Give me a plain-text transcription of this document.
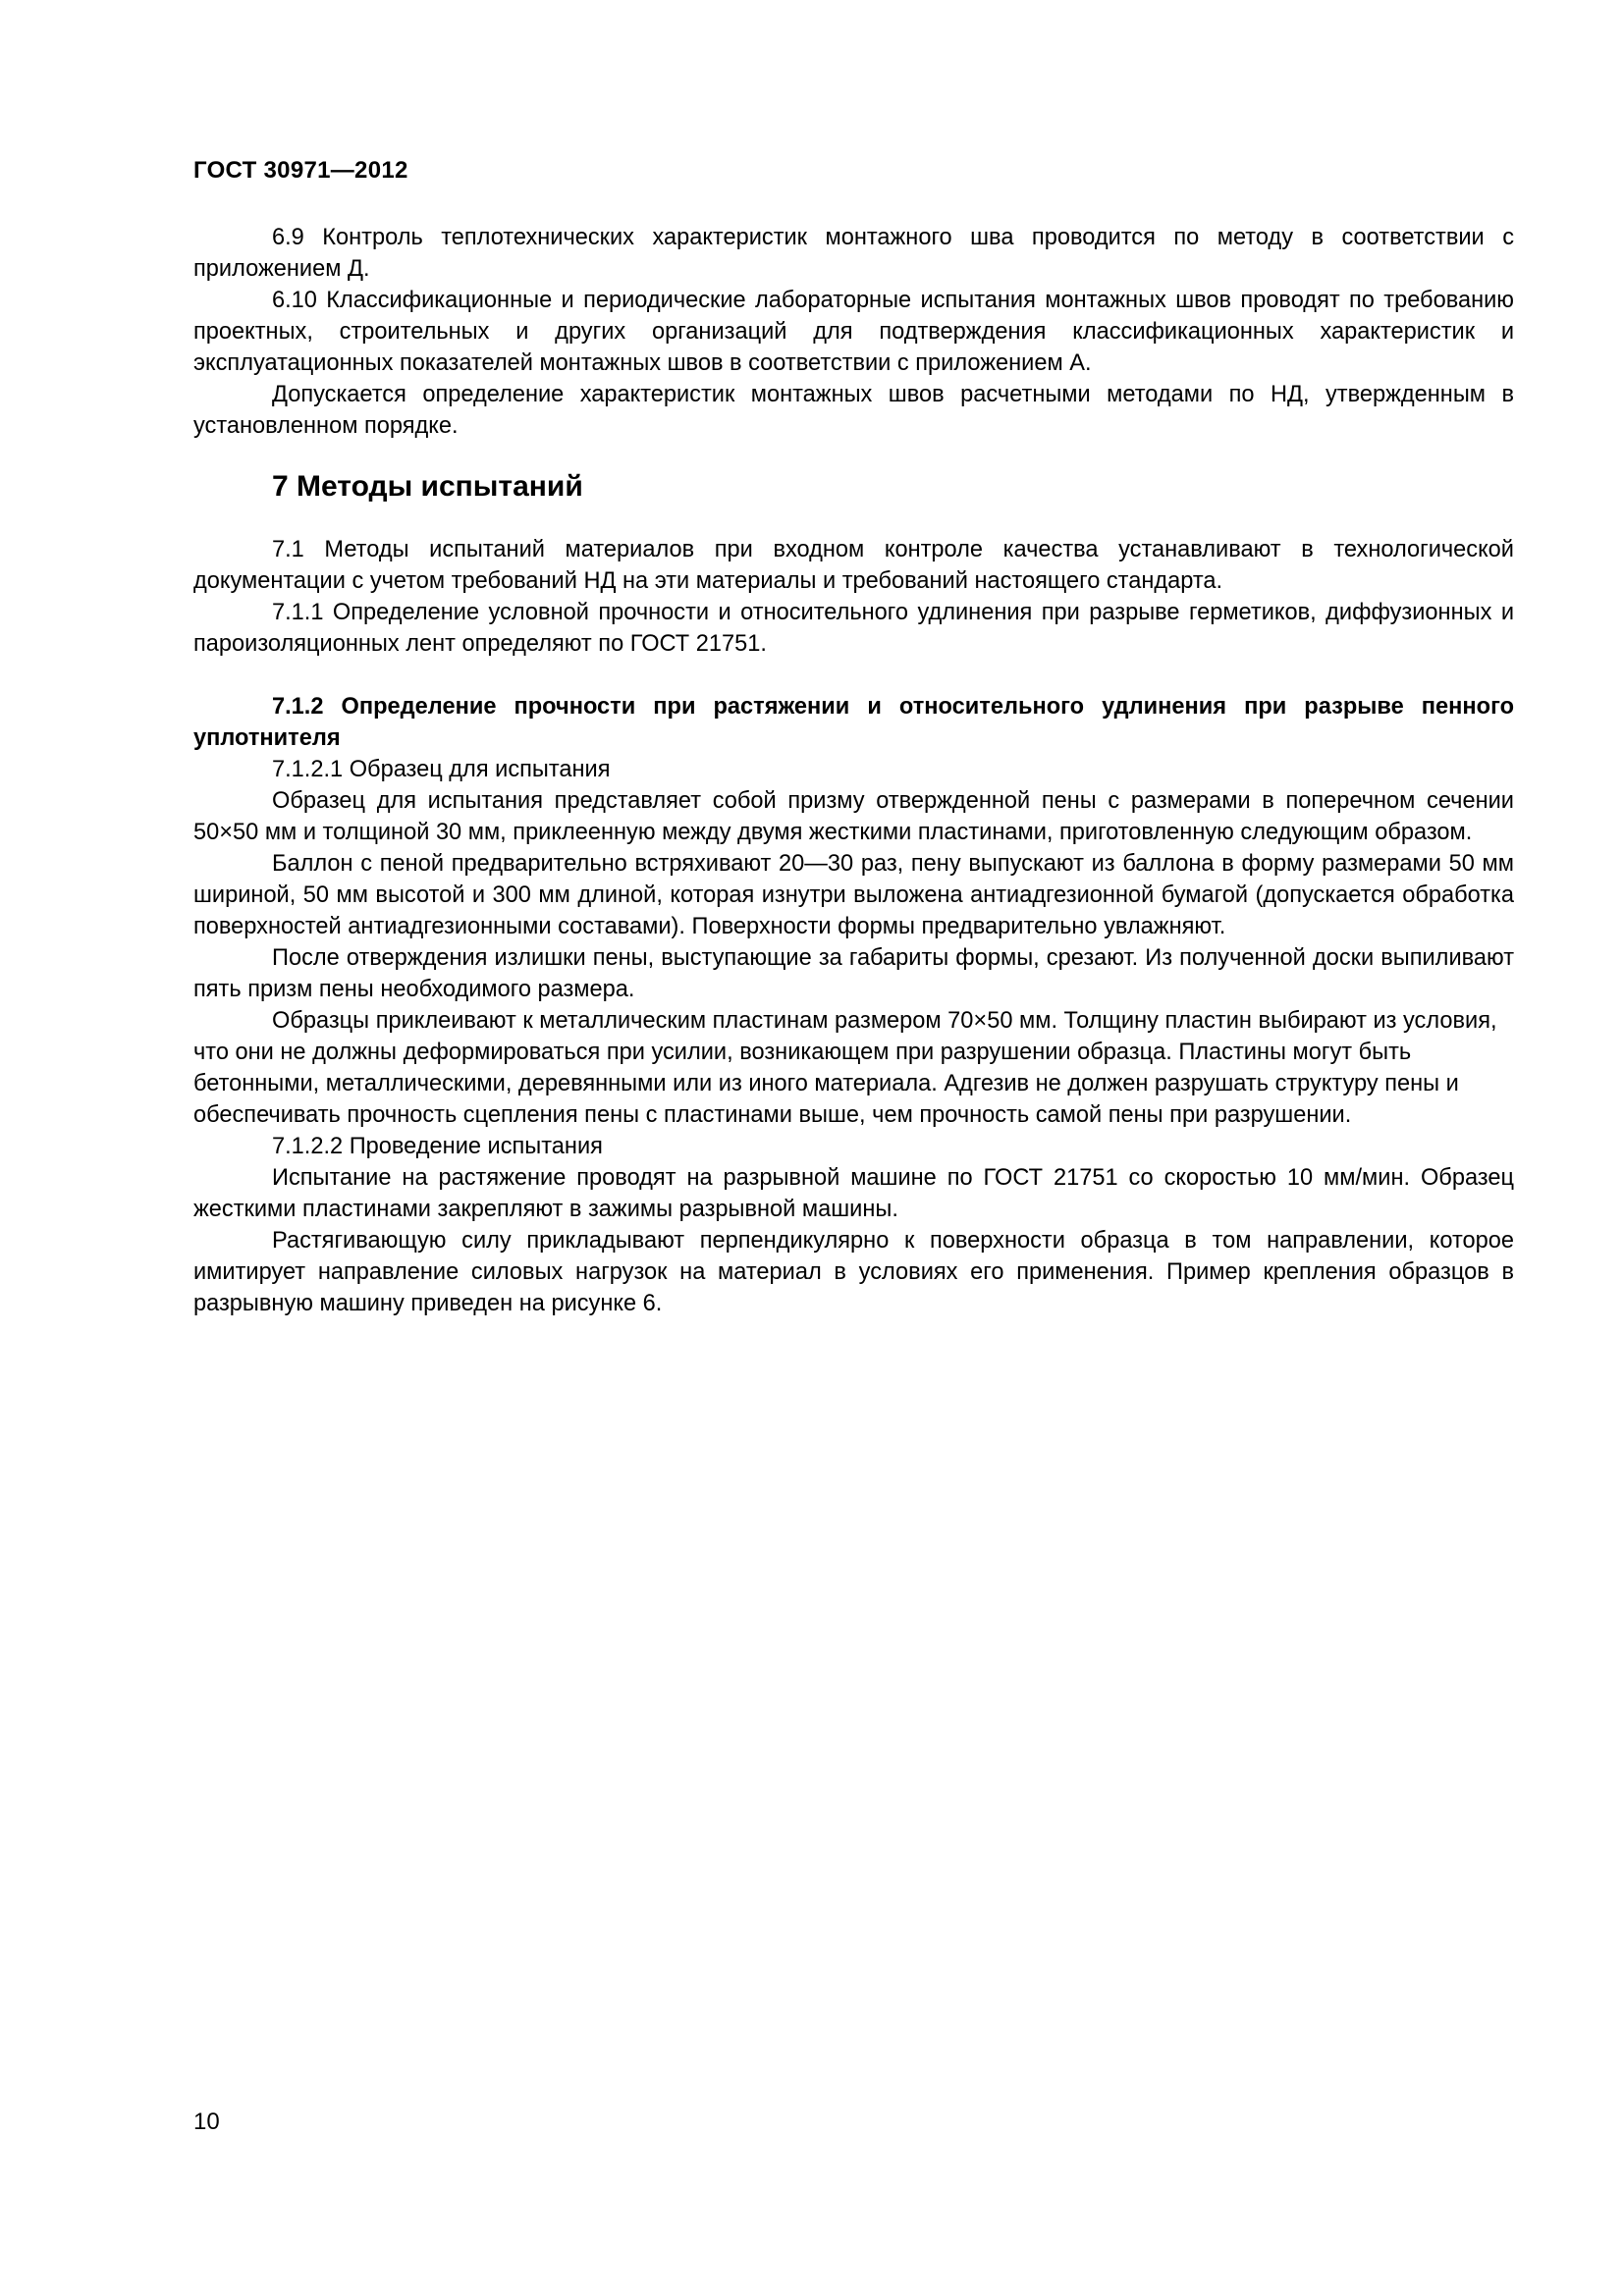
ГОСТ 30971—2012

6.9 Контроль теплотехнических характеристик монтажного шва проводится по методу в соответствии с приложением Д.

6.10 Классификационные и периодические лабораторные испытания монтажных швов проводят по требованию проектных, строительных и других организаций для подтверждения классификационных характеристик и эксплуатационных показателей монтажных швов в соответствии с приложением А.

Допускается определение характеристик монтажных швов расчетными методами по НД, утвержденным в установленном порядке.

7 Методы испытаний

7.1 Методы испытаний материалов при входном контроле качества устанавливают в технологической документации с учетом требований НД на эти материалы и требований настоящего стандарта.

7.1.1 Определение условной прочности и относительного удлинения при разрыве герметиков, диффузионных и пароизоляционных лент определяют по ГОСТ 21751.

7.1.2 Определение прочности при растяжении и относительного удлинения при разрыве пенного уплотнителя

7.1.2.1 Образец для испытания

Образец для испытания представляет собой призму отвержденной пены с размерами в поперечном сечении 50×50 мм и толщиной 30 мм, приклеенную между двумя жесткими пластинами, приготовленную следующим образом.

Баллон с пеной предварительно встряхивают 20—30 раз, пену выпускают из баллона в форму размерами 50 мм шириной, 50 мм высотой и 300 мм длиной, которая изнутри выложена антиадгезионной бумагой (допускается обработка поверхностей антиадгезионными составами). Поверхности формы предварительно увлажняют.

После отверждения излишки пены, выступающие за габариты формы, срезают. Из полученной доски выпиливают пять призм пены необходимого размера.

Образцы приклеивают к металлическим пластинам размером 70×50 мм. Толщину пластин выбирают из условия, что они не должны деформироваться при усилии, возникающем при разрушении образца. Пластины могут быть бетонными, металлическими, деревянными или из иного материала. Адгезив не должен разрушать структуру пены и обеспечивать прочность сцепления пены с пластинами выше, чем прочность самой пены при разрушении.

7.1.2.2 Проведение испытания

Испытание на растяжение проводят на разрывной машине по ГОСТ 21751 со скоростью 10 мм/мин. Образец жесткими пластинами закрепляют в зажимы разрывной машины.

Растягивающую силу прикладывают перпендикулярно к поверхности образца в том направлении, которое имитирует направление силовых нагрузок на материал в условиях его применения. Пример крепления образцов в разрывную машину приведен на рисунке 6.

10
